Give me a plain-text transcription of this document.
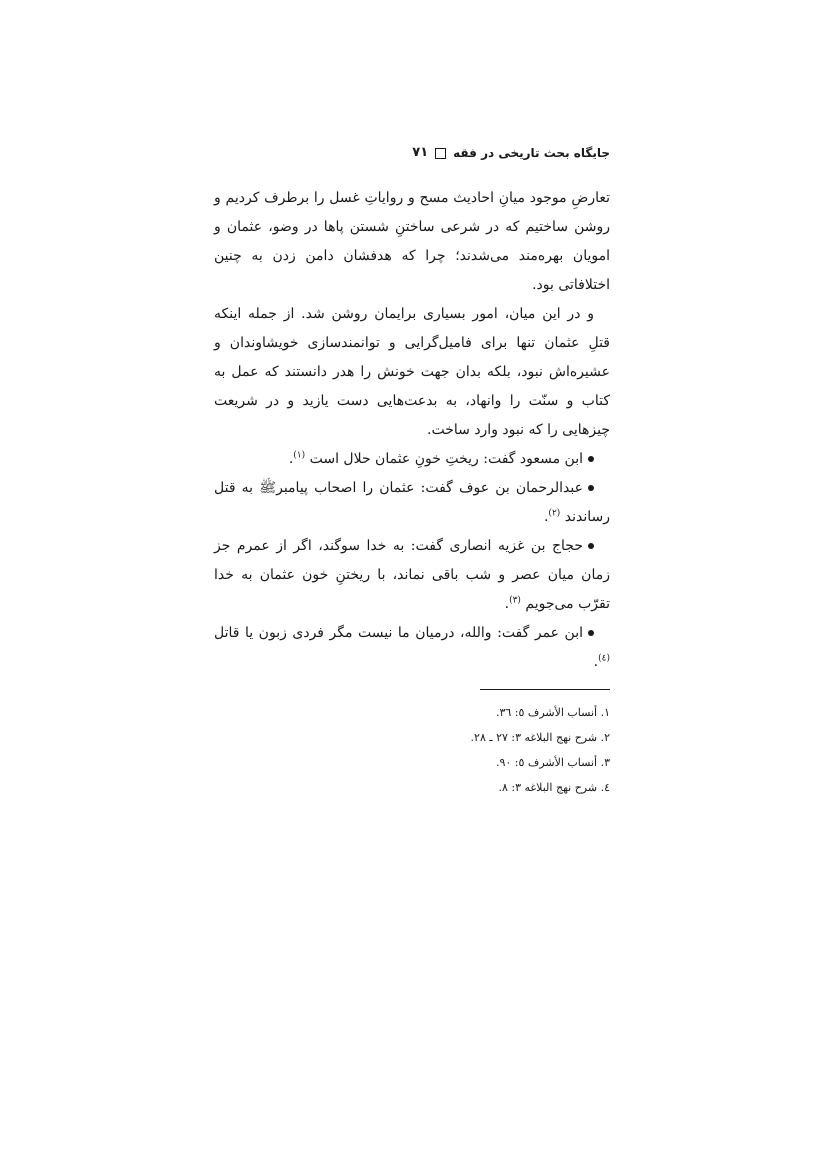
جایگاه بحث تاریخی در فقه
۷۱

تعارضِ موجود میانِ احادیث مسح و روایاتِ غسل را برطرف کردیم و روشن ساختیم که در شرعی ساختنِ شستن پاها در وضو، عثمان و امویان بهره‌مند می‌شدند؛ چرا که هدفشان دامن زدن به چنین اختلافاتی بود.

و در این میان، امور بسیاری برایمان روشن شد. از جمله اینکه قتلِ عثمان تنها برای فامیل‌گرایی و توانمندسازی خویشاوندان و عشیره‌اش نبود، بلکه بدان جهت خونش را هدر دانستند که عمل به کتاب و سنّت را وانهاد، به بدعت‌هایی دست یازید و در شریعت چیزهایی را که نبود وارد ساخت.

ابن مسعود گفت: ریختِ خونِ عثمان حلال است $^{(۱)}$.

عبدالرحمان بن عوف گفت: عثمان را اصحاب پیامبرﷺ به قتل رساندند $^{(۲)}$.

حجاج بن غزیه انصاری گفت: به خدا سوگند، اگر از عمرم جز زمان میان عصر و شب باقی نماند، با ریختنِ خون عثمان به خدا تقرّب می‌جویم $^{(۳)}$.

ابن عمر گفت: والله، درمیان ما نیست مگر فردی زبون یا قاتل $^{(٤)}$.

۱. أنساب الأشرف ٥: ٣٦.
۲. شرح نهج البلاغه ٣: ٢٧ ـ ٢٨.
۳. أنساب الأشرف ٥: ٩٠.
٤. شرح نهج البلاغه ٣: ٨.
